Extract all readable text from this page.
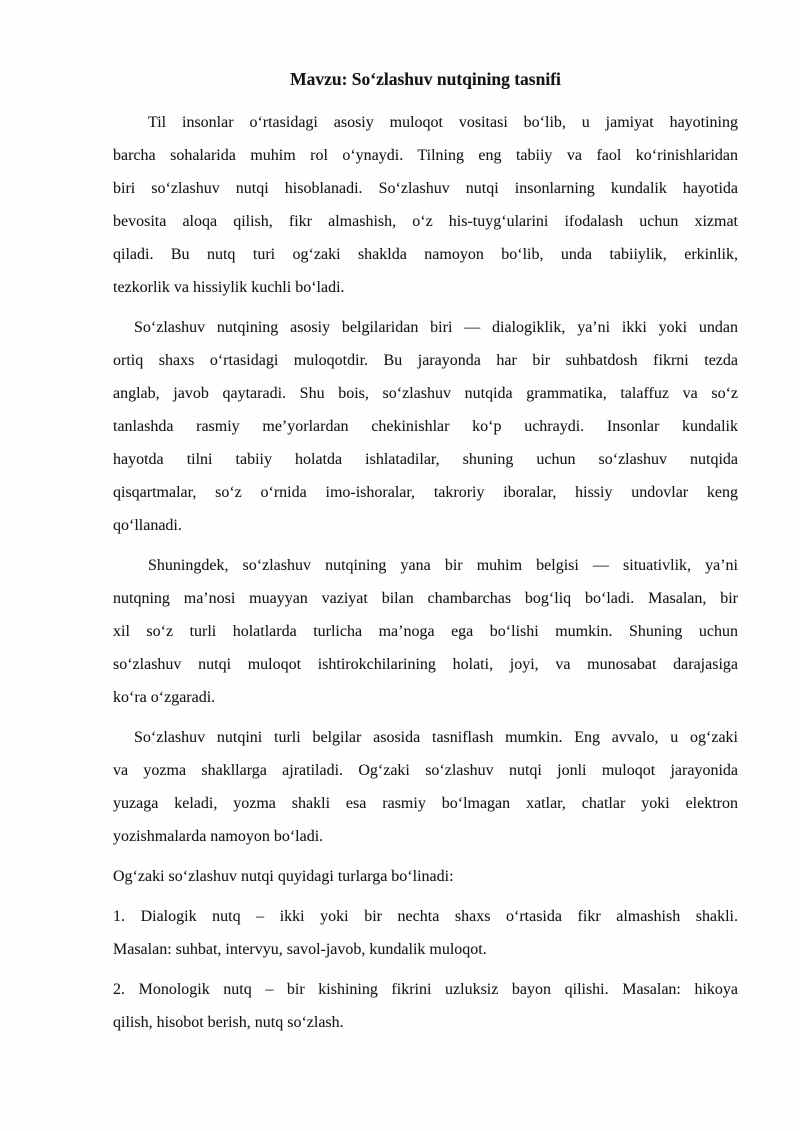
Mavzu: Soʻzlashuv nutqining tasnifi
Til insonlar oʻrtasidagi asosiy muloqot vositasi boʻlib, u jamiyat hayotining
barcha sohalarida muhim rol oʻynaydi. Tilning eng tabiiy va faol koʻrinishlaridan
biri soʻzlashuv nutqi hisoblanadi. Soʻzlashuv nutqi insonlarning kundalik hayotida
bevosita aloqa qilish, fikr almashish, oʻz his-tuygʻularini ifodalash uchun xizmat
qiladi. Bu nutq turi ogʻzaki shaklda namoyon boʻlib, unda tabiiylik, erkinlik,
tezkorlik va hissiylik kuchli boʻladi.
Soʻzlashuv nutqining asosiy belgilaridan biri — dialogiklik, yaʼni ikki yoki undan
ortiq shaxs oʻrtasidagi muloqotdir. Bu jarayonda har bir suhbatdosh fikrni tezda
anglab, javob qaytaradi. Shu bois, soʻzlashuv nutqida grammatika, talaffuz va soʻz
tanlashda rasmiy meʼyorlardan chekinishlar koʻp uchraydi. Insonlar kundalik
hayotda tilni tabiiy holatda ishlatadilar, shuning uchun soʻzlashuv nutqida
qisqartmalar, soʻz oʻrnida imo-ishoralar, takroriy iboralar, hissiy undovlar keng
qoʻllanadi.
Shuningdek, soʻzlashuv nutqining yana bir muhim belgisi — situativlik, yaʼni
nutqning maʼnosi muayyan vaziyat bilan chambarchas bogʻliq boʻladi. Masalan, bir
xil soʻz turli holatlarda turlicha maʼnoga ega boʻlishi mumkin. Shuning uchun
soʻzlashuv nutqi muloqot ishtirokchilarining holati, joyi, va munosabat darajasiga
koʻra oʻzgaradi.
Soʻzlashuv nutqini turli belgilar asosida tasniflash mumkin. Eng avvalo, u ogʻzaki
va yozma shakllarga ajratiladi. Ogʻzaki soʻzlashuv nutqi jonli muloqot jarayonida
yuzaga keladi, yozma shakli esa rasmiy boʻlmagan xatlar, chatlar yoki elektron
yozishmalarda namoyon boʻladi.
Ogʻzaki soʻzlashuv nutqi quyidagi turlarga boʻlinadi:
1. Dialogik nutq – ikki yoki bir nechta shaxs oʻrtasida fikr almashish shakli.
Masalan: suhbat, intervyu, savol-javob, kundalik muloqot.
2. Monologik nutq – bir kishining fikrini uzluksiz bayon qilishi. Masalan: hikoya
qilish, hisobot berish, nutq soʻzlash.
